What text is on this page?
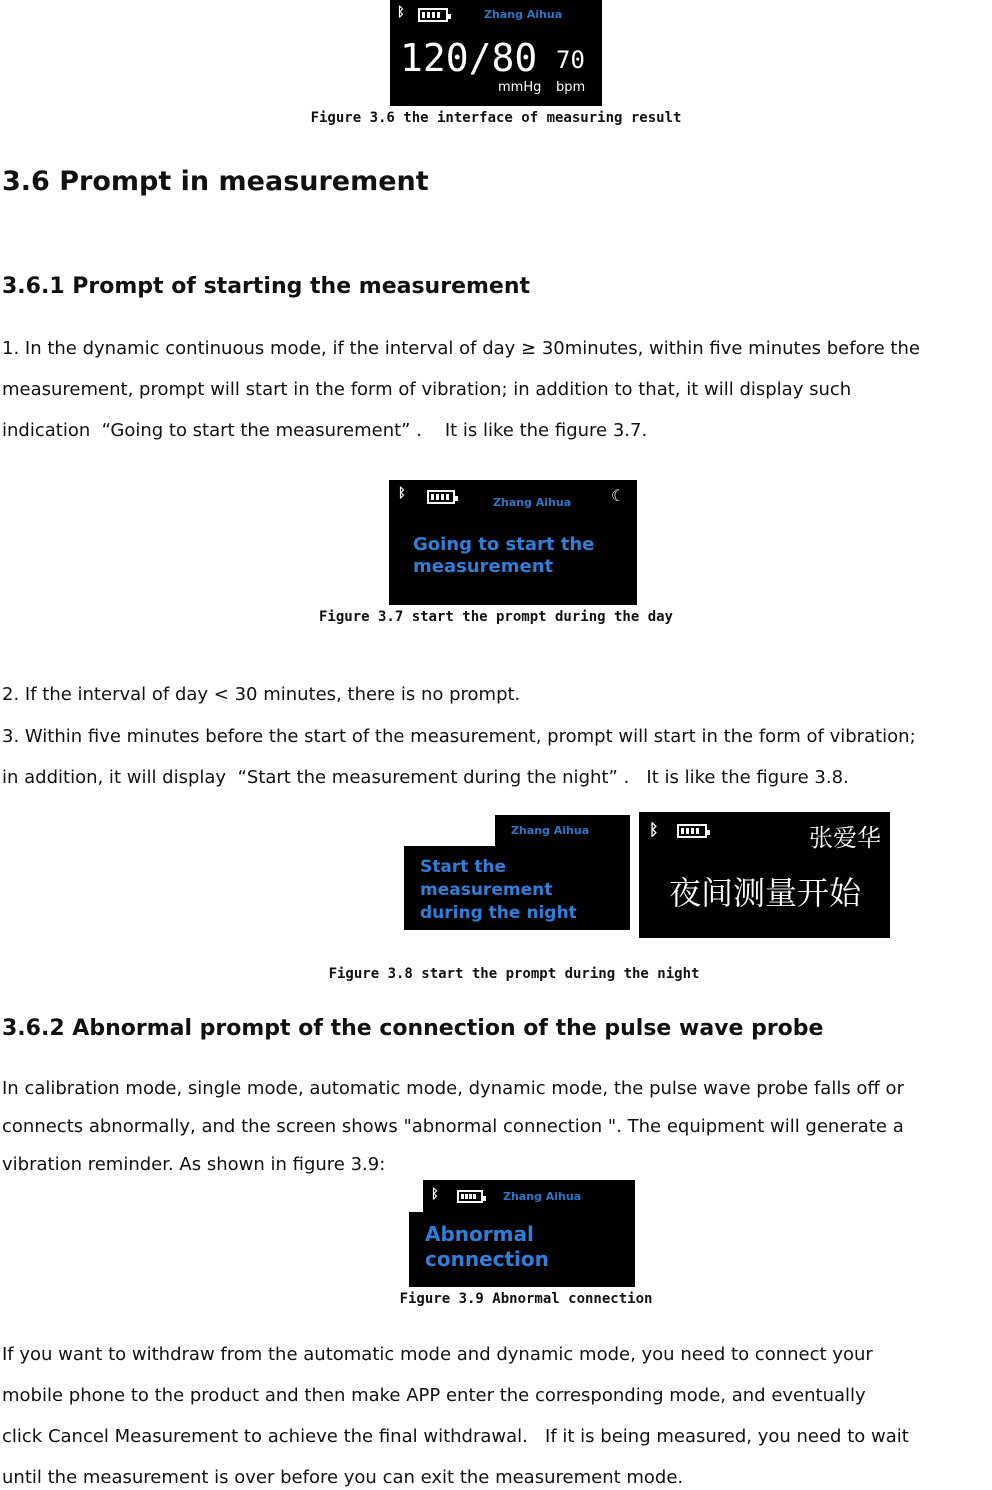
ᛒ	Zhang Aihua
120/80 70
mmHg bpm
Figure 3.6 the interface of measuring result
3.6 Prompt in measurement
3.6.1 Prompt of starting the measurement
1. In the dynamic continuous mode, if the interval of day ≥ 30minutes, within five minutes before the
measurement, prompt will start in the form of vibration; in addition to that, it will display such
indication  “Going to start the measurement” .    It is like the figure 3.7.
ᛒ
Zhang Aihua ☾
Going to start the
measurement
Figure 3.7 start the prompt during the day
2. If the interval of day < 30 minutes, there is no prompt.
3. Within five minutes before the start of the measurement, prompt will start in the form of vibration;
in addition, it will display  “Start the measurement during the night” .   It is like the figure 3.8.
Start the
measurement
during the night
Zhang Aihua	ᛒ	张爱华
夜间测量开始
Figure 3.8 start the prompt during the night
3.6.2 Abnormal prompt of the connection of the pulse wave probe
In calibration mode, single mode, automatic mode, dynamic mode, the pulse wave probe falls off or
connects abnormally, and the screen shows "abnormal connection ". The equipment will generate a
vibration reminder. As shown in figure 3.9:
Abnormal
connection
ᛒ	Zhang Aihua
Figure 3.9 Abnormal connection
If you want to withdraw from the automatic mode and dynamic mode, you need to connect your
mobile phone to the product and then make APP enter the corresponding mode, and eventually
click Cancel Measurement to achieve the final withdrawal.   If it is being measured, you need to wait
until the measurement is over before you can exit the measurement mode.
